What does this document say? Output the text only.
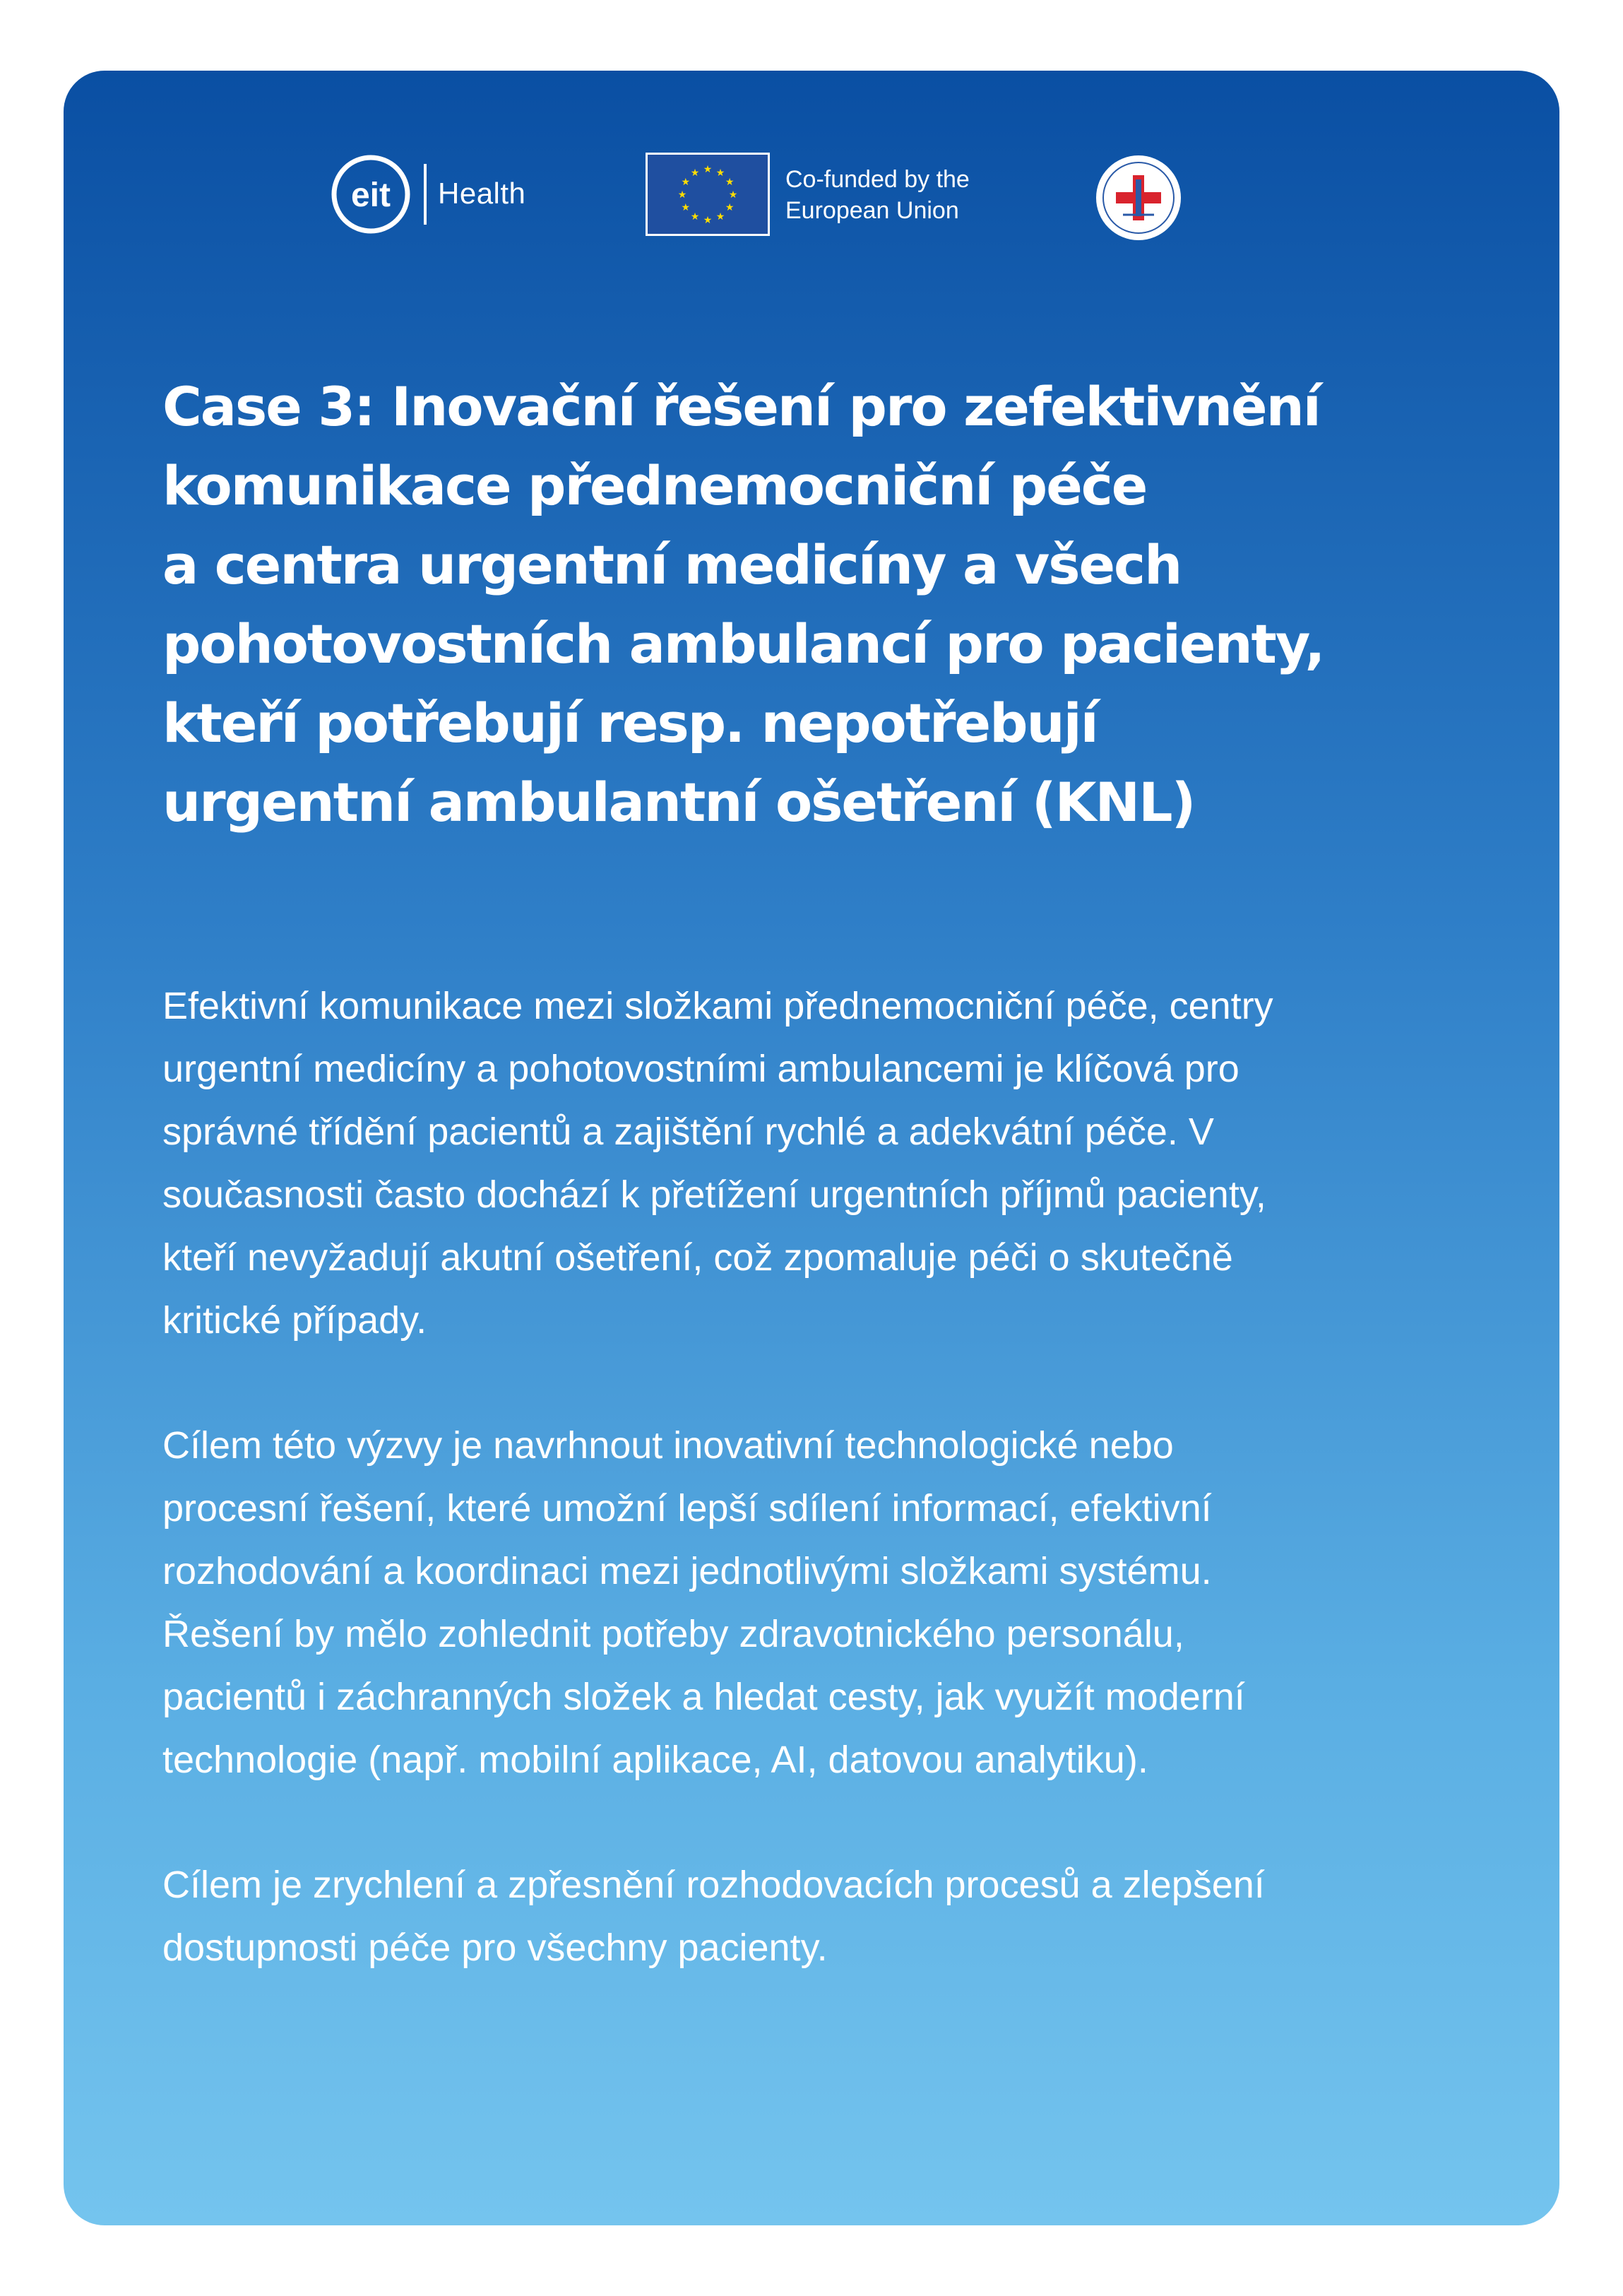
eit Health
★ ★
★
★
★
★
★
★
★
★
★
★	Co-funded by the
European Union
Case 3: Inovační řešení pro zefektivnění
komunikace přednemocniční péče
a centra urgentní medicíny a všech
pohotovostních ambulancí pro pacienty,
kteří potřebují resp. nepotřebují
urgentní ambulantní ošetření (KNL)

Efektivní komunikace mezi složkami přednemocniční péče, centry
urgentní medicíny a pohotovostními ambulancemi je klíčová pro
správné třídění pacientů a zajištění rychlé a adekvátní péče. V
současnosti často dochází k přetížení urgentních příjmů pacienty,
kteří nevyžadují akutní ošetření, což zpomaluje péči o skutečně
kritické případy.

Cílem této výzvy je navrhnout inovativní technologické nebo
procesní řešení, které umožní lepší sdílení informací, efektivní
rozhodování a koordinaci mezi jednotlivými složkami systému.
Řešení by mělo zohlednit potřeby zdravotnického personálu,
pacientů i záchranných složek a hledat cesty, jak využít moderní
technologie (např. mobilní aplikace, AI, datovou analytiku).

Cílem je zrychlení a zpřesnění rozhodovacích procesů a zlepšení
dostupnosti péče pro všechny pacienty.
